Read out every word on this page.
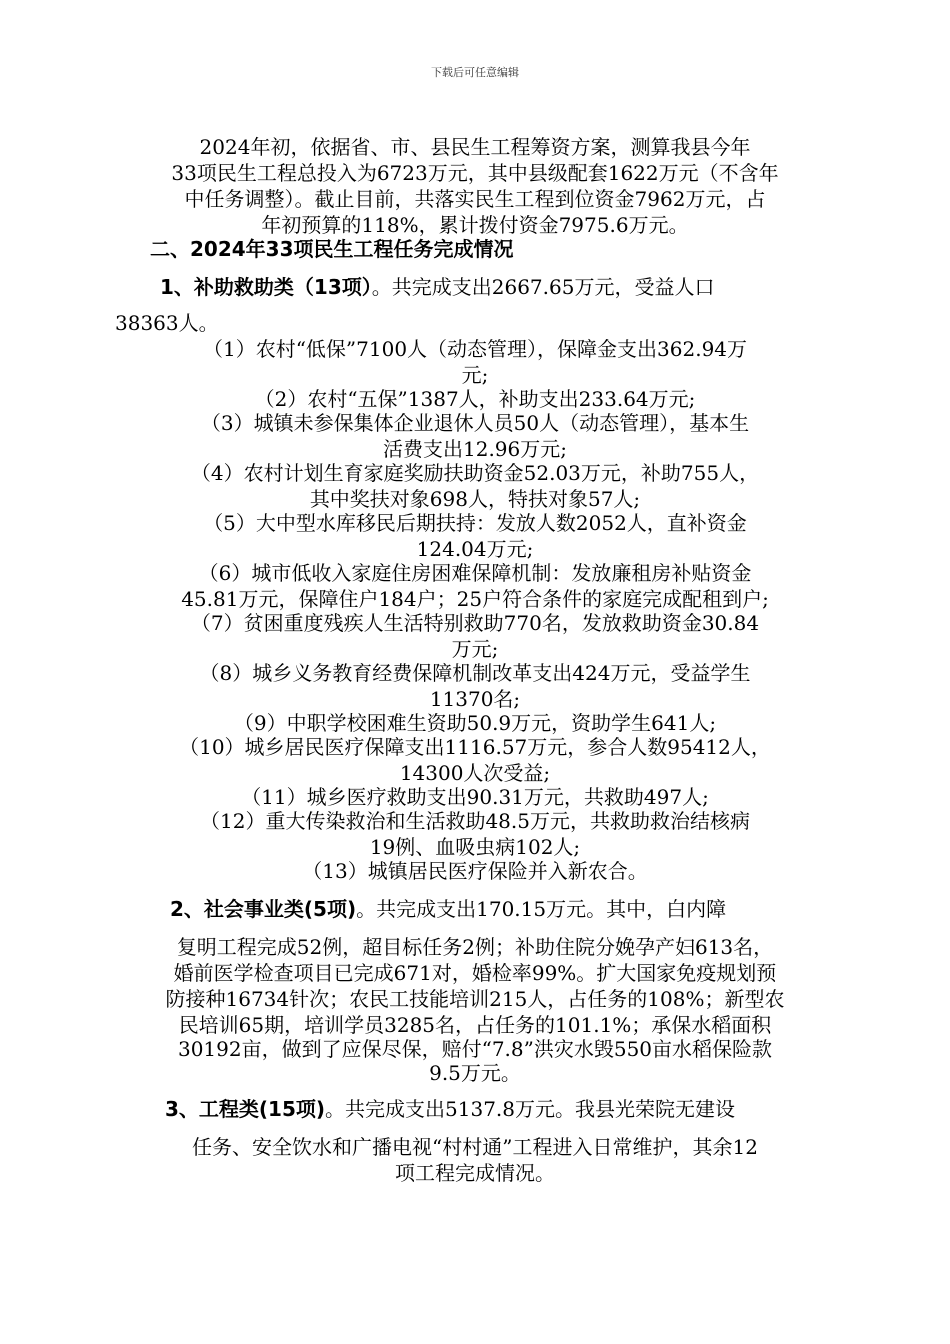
下载后可任意编辑
2024年初，依据省、市、县民生工程筹资方案，测算我县今年
33项民生工程总投入为6723万元，其中县级配套1622万元（不含年
中任务调整）。截止目前，共落实民生工程到位资金7962万元，占
年初预算的118%，累计拨付资金7975.6万元。
二、2024年33项民生工程任务完成情况
1、补助救助类（13项）。共完成支出2667.65万元，受益人口
38363人。
（1）农村“低保”7100人（动态管理），保障金支出362.94万
元;
（2）农村“五保”1387人，补助支出233.64万元;
（3）城镇未参保集体企业退休人员50人（动态管理），基本生
活费支出12.96万元;
（4）农村计划生育家庭奖励扶助资金52.03万元，补助755人，
其中奖扶对象698人，特扶对象57人;
（5）大中型水库移民后期扶持：发放人数2052人，直补资金
124.04万元;
（6）城市低收入家庭住房困难保障机制：发放廉租房补贴资金
45.81万元，保障住户184户；25户符合条件的家庭完成配租到户;
（7）贫困重度残疾人生活特别救助770名，发放救助资金30.84
万元;
（8）城乡义务教育经费保障机制改革支出424万元，受益学生
11370名;
（9）中职学校困难生资助50.9万元，资助学生641人;
（10）城乡居民医疗保障支出1116.57万元，参合人数95412人，
14300人次受益;
（11）城乡医疗救助支出90.31万元，共救助497人;
（12）重大传染救治和生活救助48.5万元，共救助救治结核病
19例、血吸虫病102人;
（13）城镇居民医疗保险并入新农合。
2、社会事业类(5项)。共完成支出170.15万元。其中，白内障
复明工程完成52例，超目标任务2例；补助住院分娩孕产妇613名，
婚前医学检查项目已完成671对，婚检率99%。扩大国家免疫规划预
防接种16734针次；农民工技能培训215人，占任务的108%；新型农
民培训65期，培训学员3285名，占任务的101.1%；承保水稻面积
30192亩，做到了应保尽保，赔付“7.8”洪灾水毁550亩水稻保险款
9.5万元。
3、工程类(15项)。共完成支出5137.8万元。我县光荣院无建设
任务、安全饮水和广播电视“村村通”工程进入日常维护，其余12
项工程完成情况。
